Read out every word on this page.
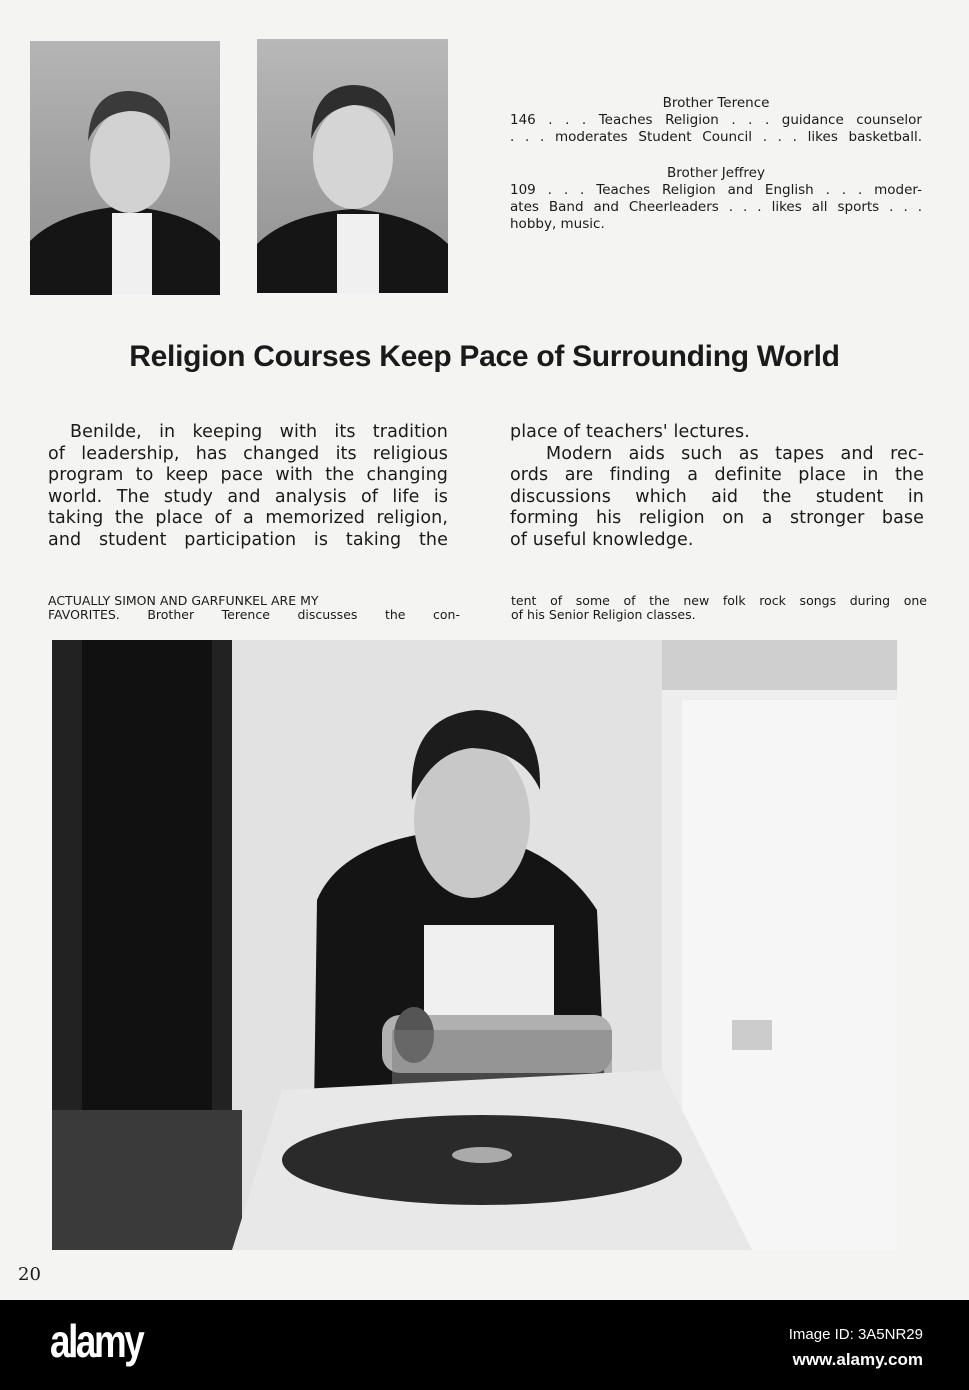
Brother Terence
146 . . . Teaches Religion . . . guidance counselor
. . . moderates Student Council . . . likes basketball.
Brother Jeffrey
109 . . . Teaches Religion and English . . . moder-
ates Band and Cheerleaders . . . likes all sports . . .
hobby, music.
Religion Courses Keep Pace of Surrounding World
Benilde, in keeping with its tradition
of leadership, has changed its religious
program to keep pace with the changing
world. The study and analysis of life is
taking the place of a memorized religion,
and student participation is taking the
place of teachers' lectures.
Modern aids such as tapes and rec-
ords are finding a definite place in the
discussions which aid the student in
forming his religion on a stronger base
of useful knowledge.
ACTUALLY SIMON AND GARFUNKEL ARE MY
FAVORITES. Brother Terence discusses the con-
tent of some of the new folk rock songs during one
of his Senior Religion classes.
20
alamy	Image ID: 3A5NR29
www.alamy.com
